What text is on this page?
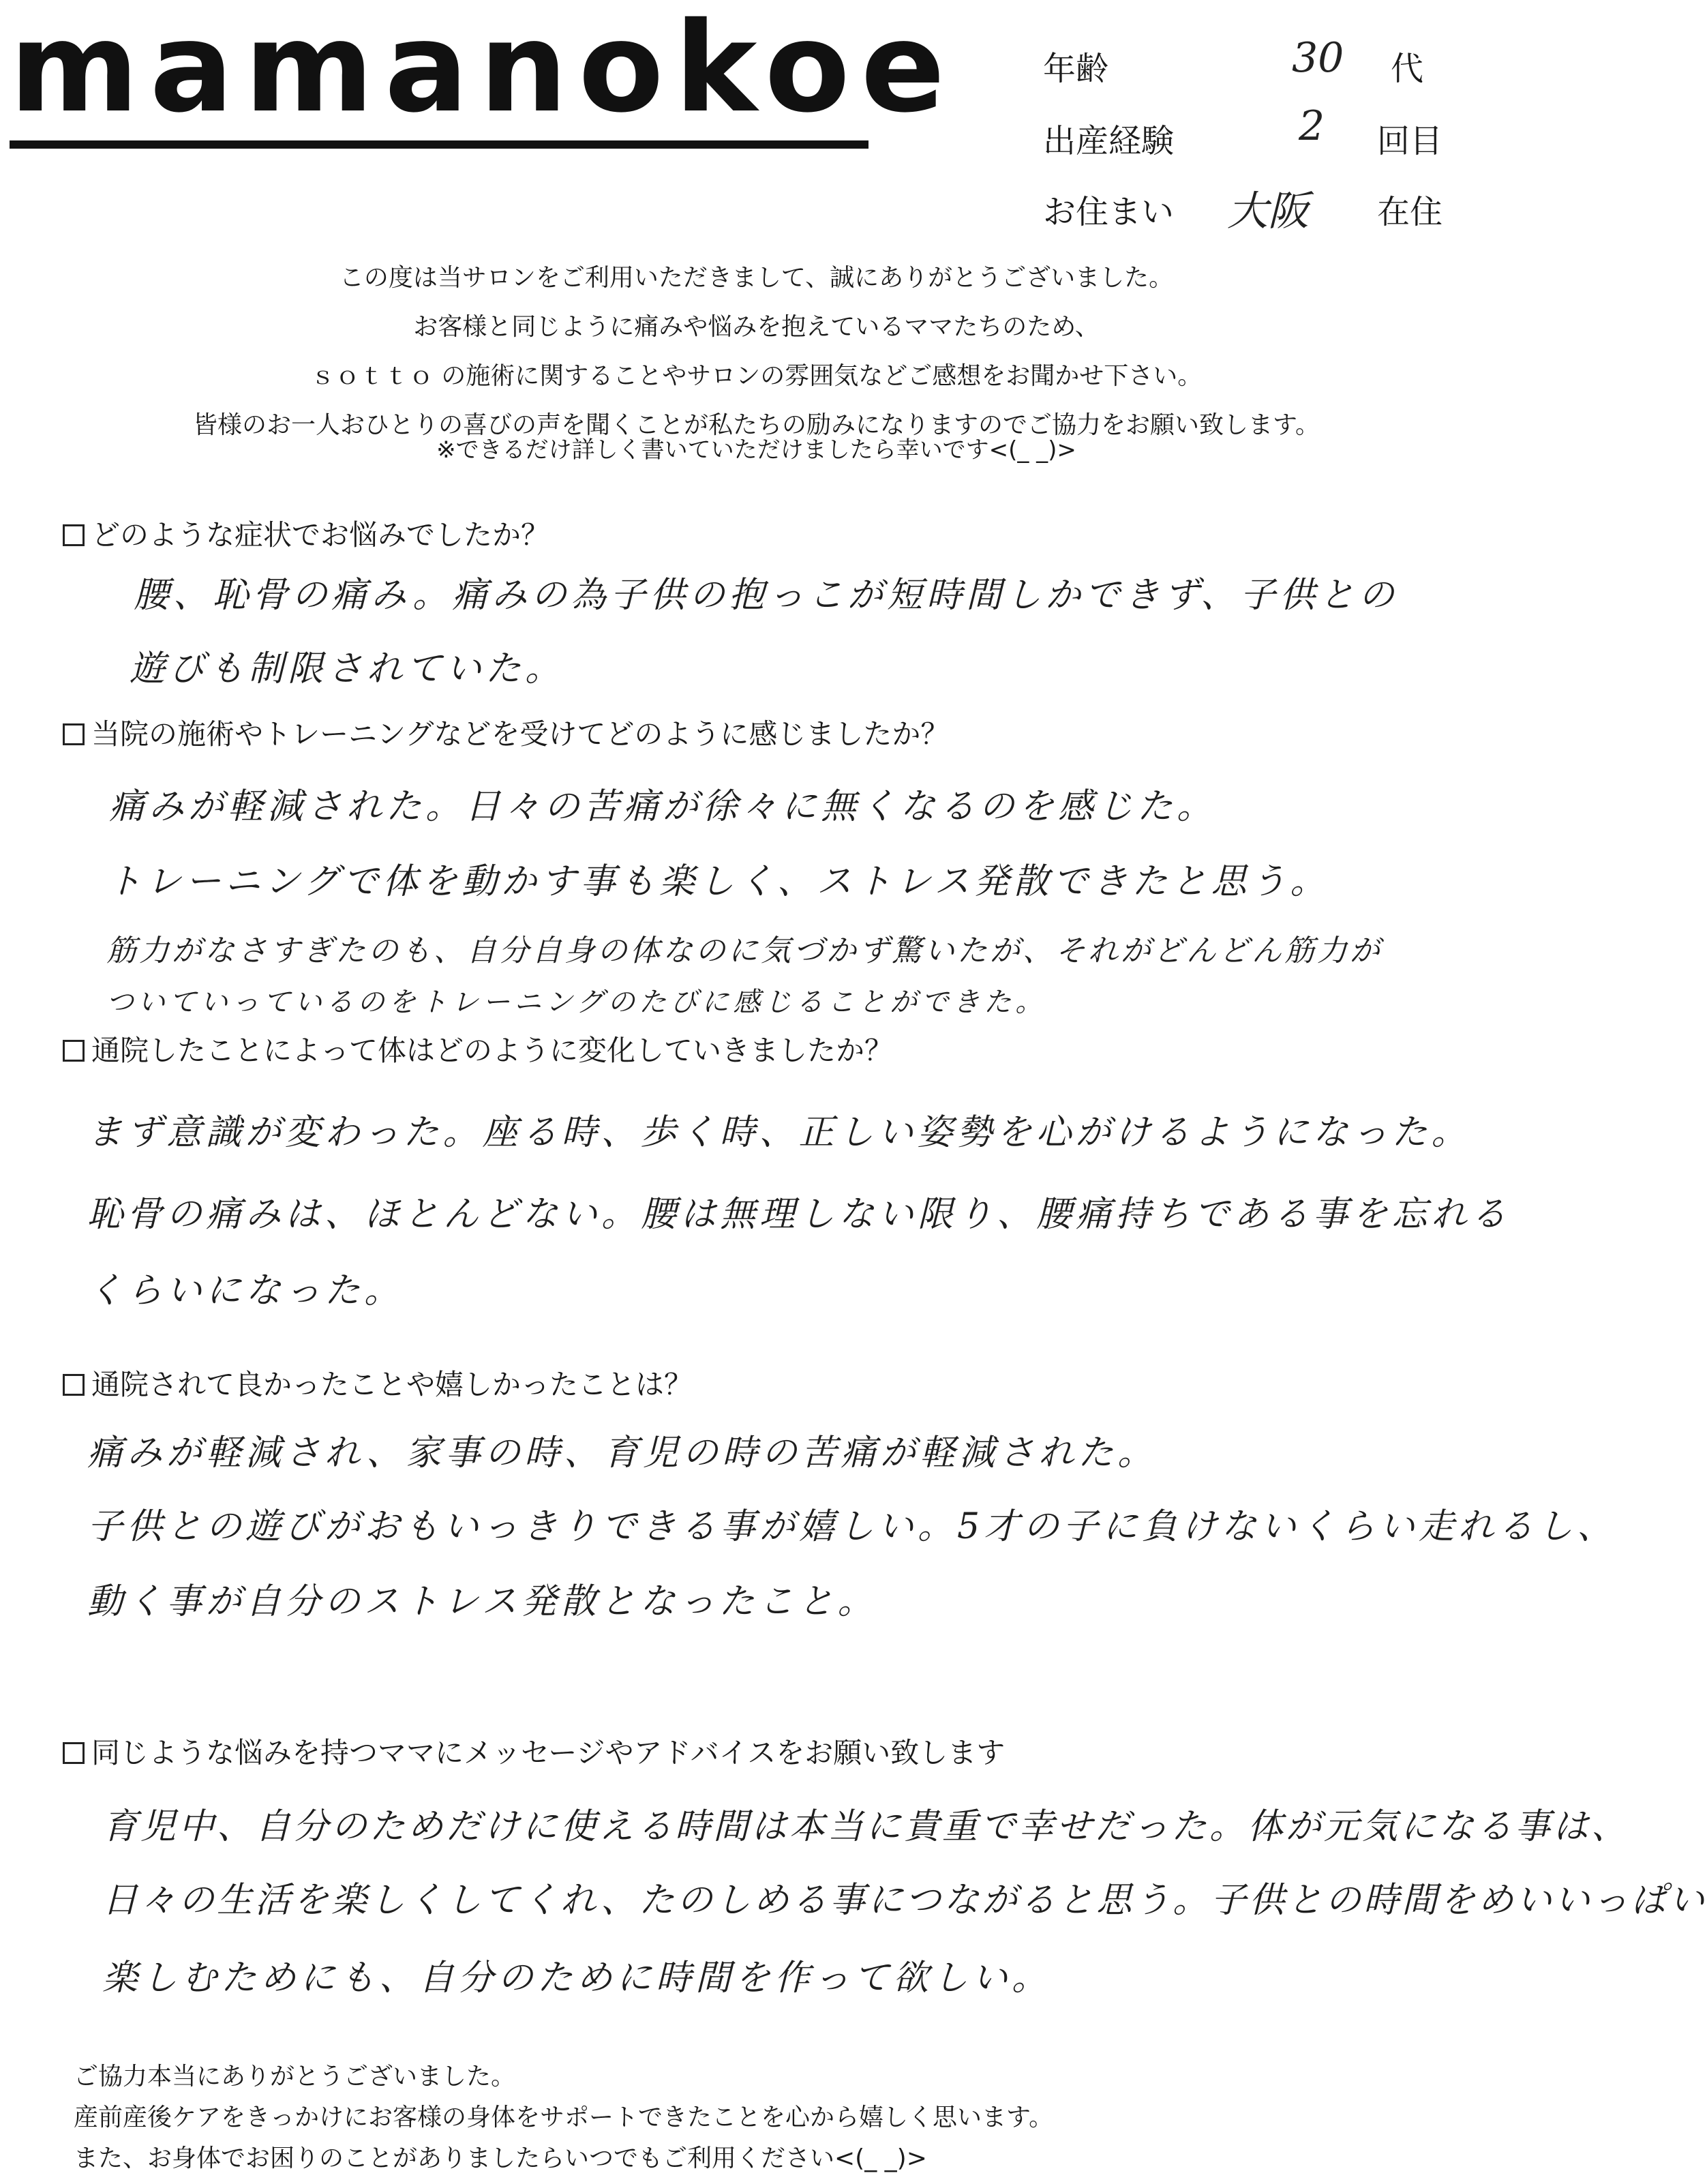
mamanokoe	年齢	30 代
出産経験	2 回目
お住まい 大阪 在住
この度は当サロンをご利用いただきまして、誠にありがとうございました。
お客様と同じように痛みや悩みを抱えているママたちのため、
ｓｏｔｔｏ の施術に関することやサロンの雰囲気などご感想をお聞かせ下さい。
皆様のお一人おひとりの喜びの声を聞くことが私たちの励みになりますのでご協力をお願い致します。
※できるだけ詳しく書いていただけましたら幸いです<(_ _)>
どのような症状でお悩みでしたか？
腰、恥骨の痛み。痛みの為子供の抱っこが短時間しかできず、子供との
遊びも制限されていた。
当院の施術やトレーニングなどを受けてどのように感じましたか？
痛みが軽減された。日々の苦痛が徐々に無くなるのを感じた。
トレーニングで体を動かす事も楽しく、ストレス発散できたと思う。
筋力がなさすぎたのも、自分自身の体なのに気づかず驚いたが、それがどんどん筋力が
ついていっているのをトレーニングのたびに感じることができた。
通院したことによって体はどのように変化していきましたか？
まず意識が変わった。座る時、歩く時、正しい姿勢を心がけるようになった。
恥骨の痛みは、ほとんどない。腰は無理しない限り、腰痛持ちである事を忘れる
くらいになった。
通院されて良かったことや嬉しかったことは？
痛みが軽減され、家事の時、育児の時の苦痛が軽減された。
子供との遊びがおもいっきりできる事が嬉しい。5才の子に負けないくらい走れるし、
動く事が自分のストレス発散となったこと。
同じような悩みを持つママにメッセージやアドバイスをお願い致します
育児中、自分のためだけに使える時間は本当に貴重で幸せだった。体が元気になる事は、
日々の生活を楽しくしてくれ、たのしめる事につながると思う。子供との時間をめいいっぱい
楽しむためにも、自分のために時間を作って欲しい。
ご協力本当にありがとうございました。
産前産後ケアをきっかけにお客様の身体をサポートできたことを心から嬉しく思います。
また、お身体でお困りのことがありましたらいつでもご利用ください<(_ _)>
